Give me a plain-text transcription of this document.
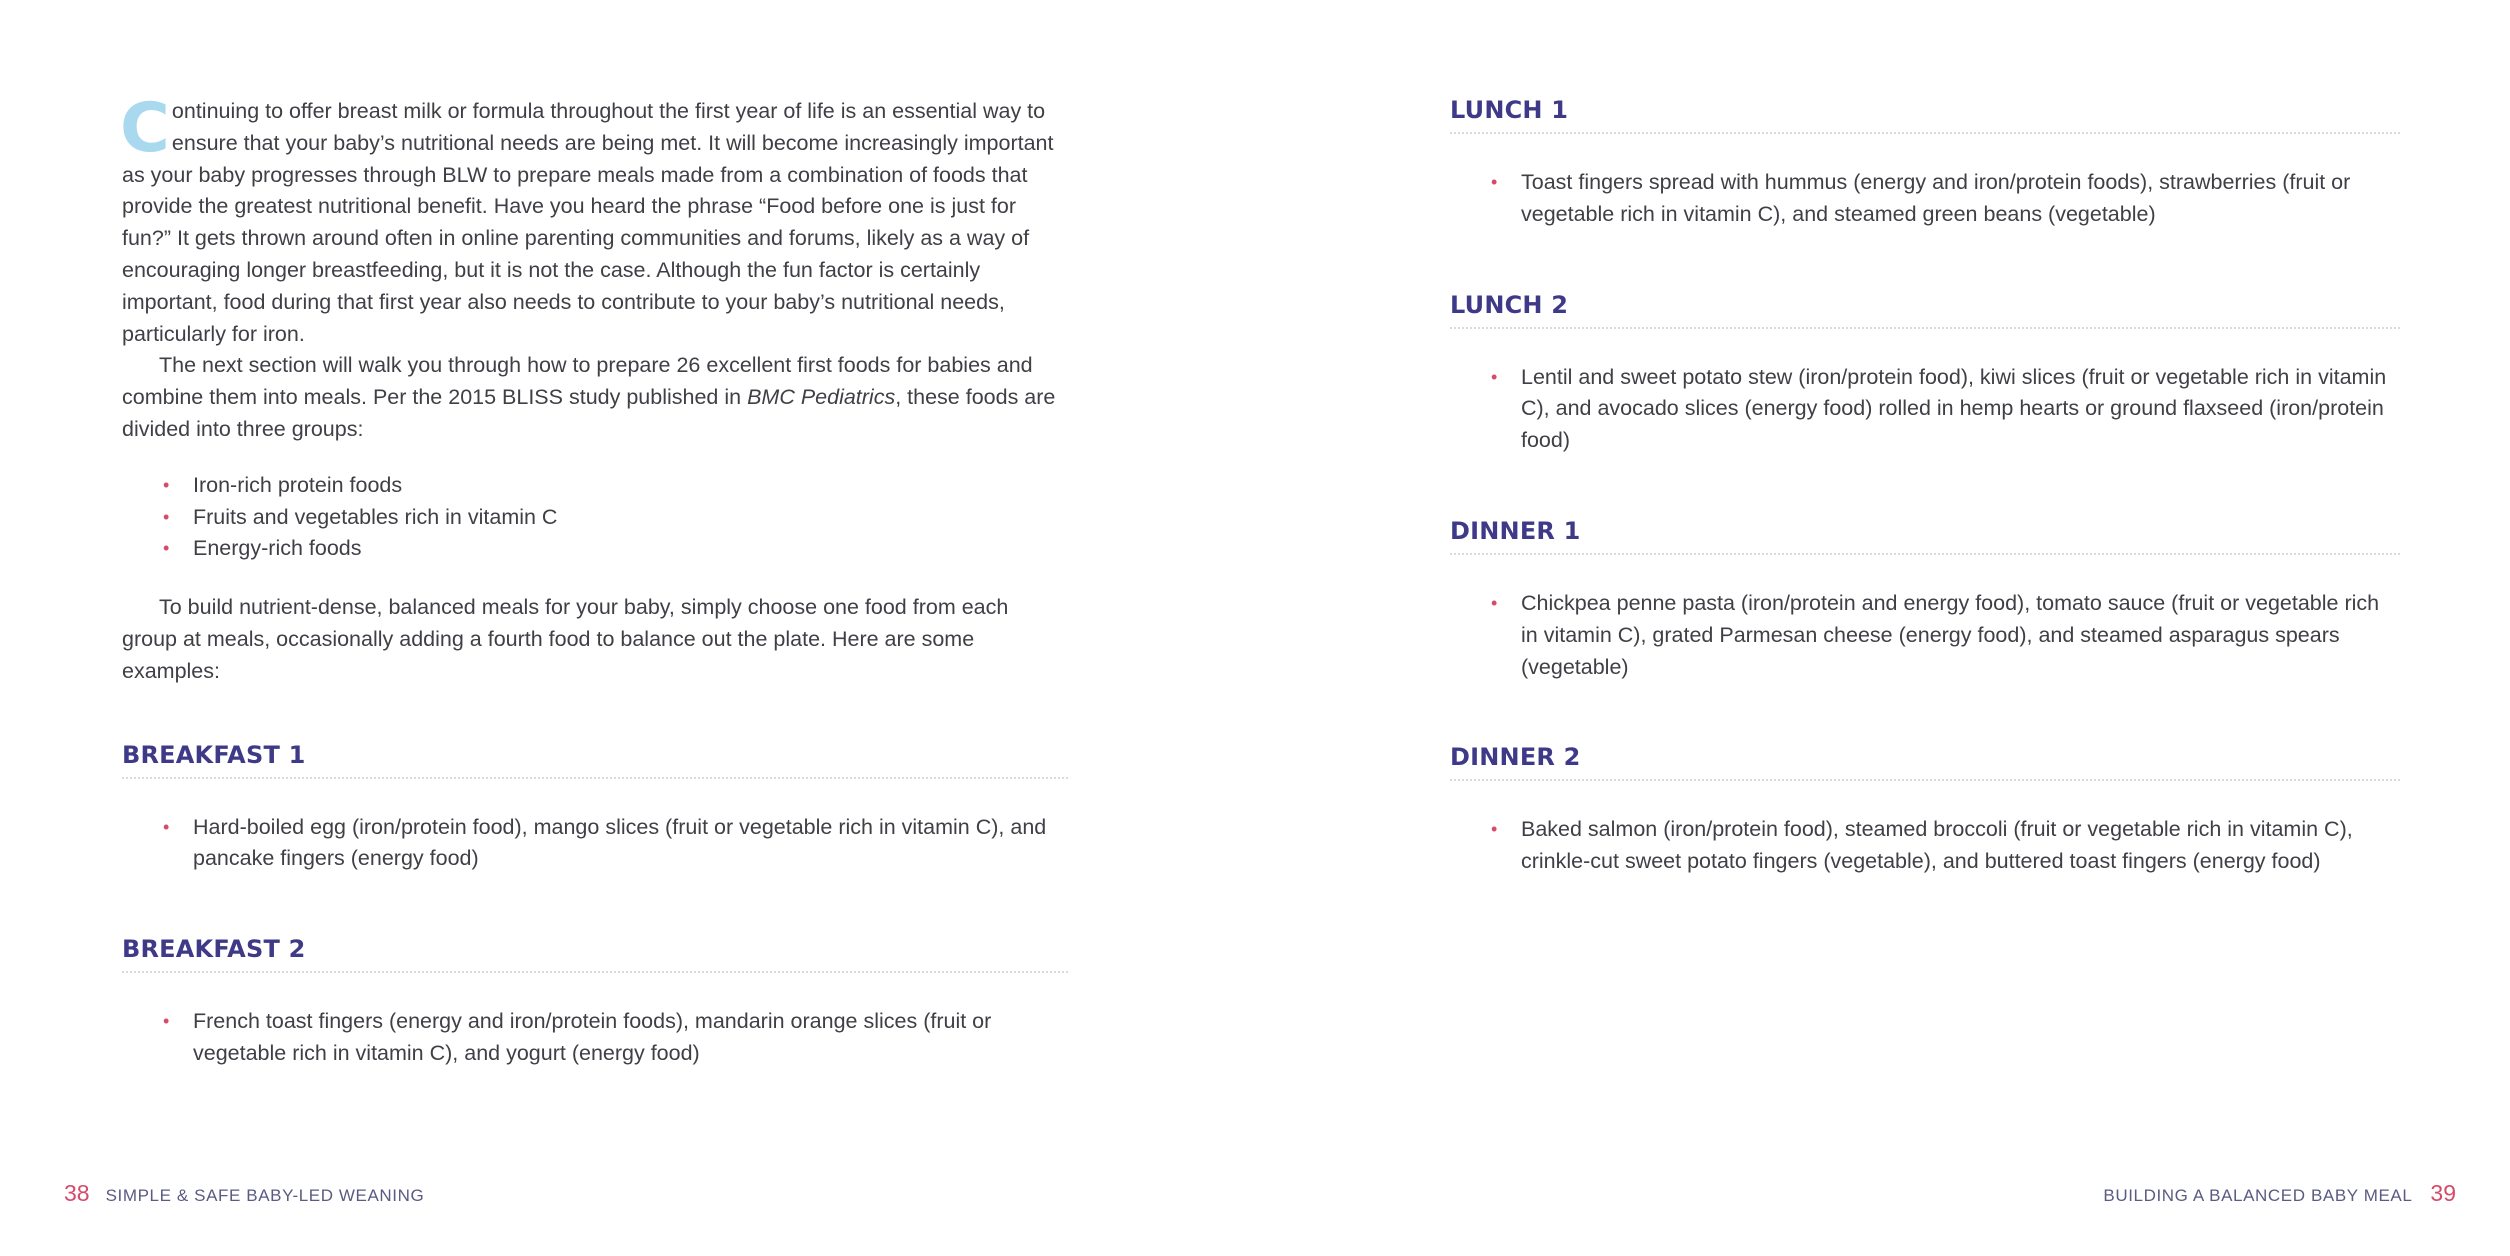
Continuing to offer breast milk or formula throughout the first year of life is an essential way to ensure that your baby’s nutritional needs are being met. It will become increasingly important as your baby progresses through BLW to prepare meals made from a combination of foods that provide the greatest nutritional benefit. Have you heard the phrase “Food before one is just for fun?” It gets thrown around often in online parenting communities and forums, likely as a way of encouraging longer breastfeeding, but it is not the case. Although the fun factor is certainly important, food during that first year also needs to contribute to your baby’s nutritional needs, particularly for iron.

The next section will walk you through how to prepare 26 excellent first foods for babies and combine them into meals. Per the 2015 BLISS study published in BMC Pediatrics, these foods are divided into three groups:

• Iron-rich protein foods
• Fruits and vegetables rich in vitamin C
• Energy-rich foods

To build nutrient-dense, balanced meals for your baby, simply choose one food from each group at meals, occasionally adding a fourth food to balance out the plate. Here are some examples:

BREAKFAST 1
• Hard-boiled egg (iron/protein food), mango slices (fruit or vegetable rich in vitamin C), and pancake fingers (energy food)
BREAKFAST 2
• French toast fingers (energy and iron/protein foods), mandarin orange slices (fruit or vegetable rich in vitamin C), and yogurt (energy food)
38 SIMPLE & SAFE BABY-LED WEANING
LUNCH 1
• Toast fingers spread with hummus (energy and iron/protein foods), strawberries (fruit or vegetable rich in vitamin C), and steamed green beans (vegetable)
LUNCH 2
• Lentil and sweet potato stew (iron/protein food), kiwi slices (fruit or vegetable rich in vitamin C), and avocado slices (energy food) rolled in hemp hearts or ground flaxseed (iron/protein food)
DINNER 1
• Chickpea penne pasta (iron/protein and energy food), tomato sauce (fruit or vegetable rich in vitamin C), grated Parmesan cheese (energy food), and steamed asparagus spears (vegetable)
DINNER 2
• Baked salmon (iron/protein food), steamed broccoli (fruit or vegetable rich in vitamin C), crinkle-cut sweet potato fingers (vegetable), and buttered toast fingers (energy food)
BUILDING A BALANCED BABY MEAL 39
